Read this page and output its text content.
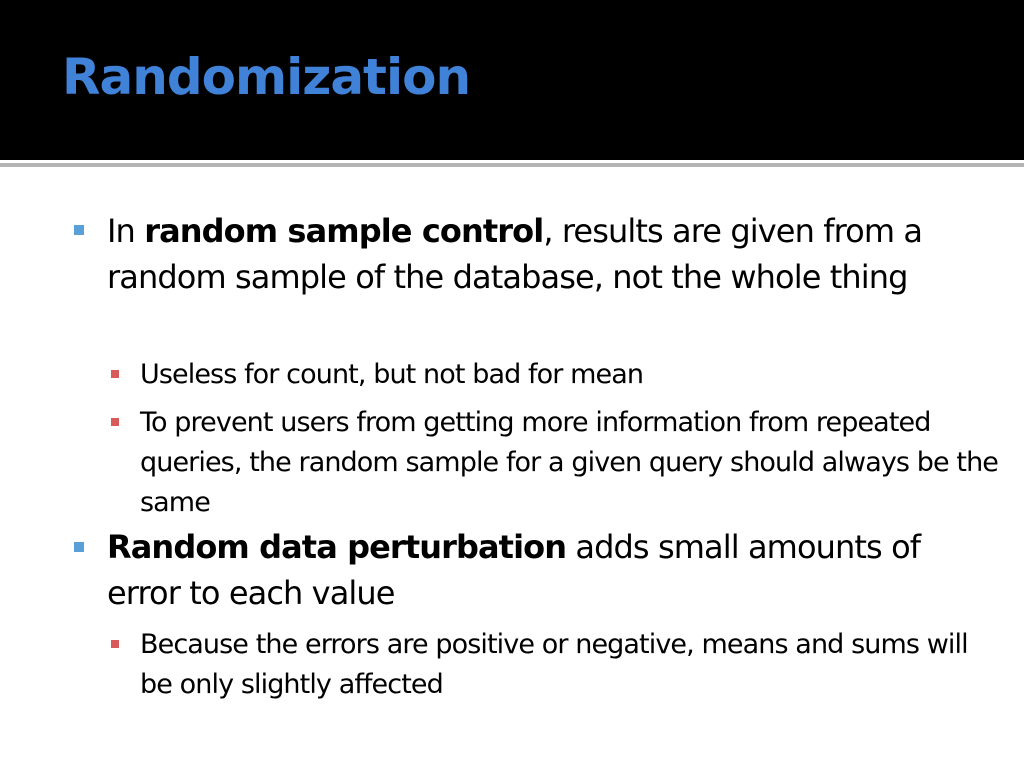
Randomization
In random sample control, results are given from a random sample of the database, not the whole thing
Useless for count, but not bad for mean
To prevent users from getting more information from repeated queries, the random sample for a given query should always be the same
Random data perturbation adds small amounts of error to each value
Because the errors are positive or negative, means and sums will be only slightly affected
